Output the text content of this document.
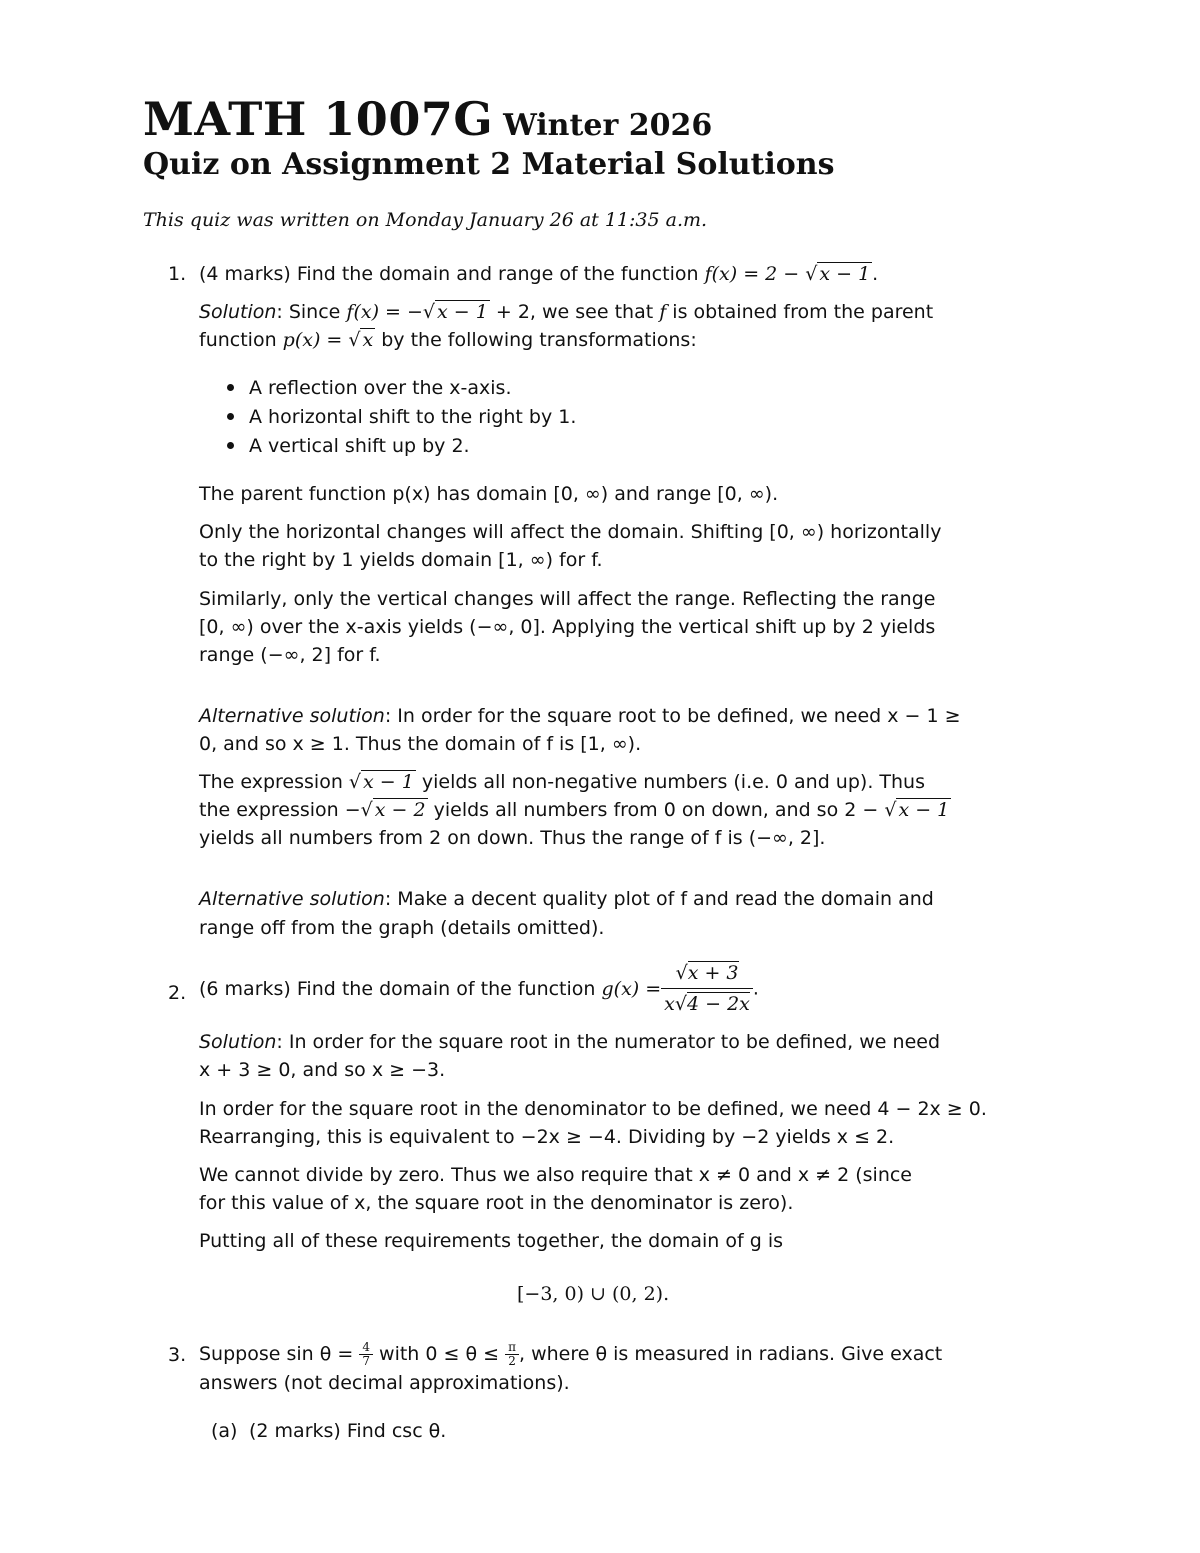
MATH 1007G Winter 2026
Quiz on Assignment 2 Material Solutions
This quiz was written on Monday January 26 at 11:35 a.m.
1. (4 marks) Find the domain and range of the function f(x) = 2 − √ x − 1 .
Solution: Since f(x) = −√ x − 1 + 2, we see that f is obtained from the parent
function p(x) = √ x by the following transformations:
A reflection over the x-axis.
A horizontal shift to the right by 1.
A vertical shift up by 2.
The parent function p(x) has domain [0, ∞) and range [0, ∞).
Only the horizontal changes will affect the domain. Shifting [0, ∞) horizontally
to the right by 1 yields domain [1, ∞) for f.
Similarly, only the vertical changes will affect the range. Reflecting the range
[0, ∞) over the x-axis yields (−∞, 0]. Applying the vertical shift up by 2 yields
range (−∞, 2] for f.
Alternative solution: In order for the square root to be defined, we need x − 1 ≥
0, and so x ≥ 1. Thus the domain of f is [1, ∞).
The expression √ x − 1 yields all non-negative numbers (i.e. 0 and up). Thus
the expression −√ x − 2 yields all numbers from 0 on down, and so 2 − √ x − 1
yields all numbers from 2 on down. Thus the range of f is (−∞, 2].
Alternative solution: Make a decent quality plot of f and read the domain and
range off from the graph (details omitted).
2. (6 marks) Find the domain of the function $g(x) = \frac{√x + 3}{x√4 - 2x}$ .
Solution: In order for the square root in the numerator to be defined, we need
x + 3 ≥ 0, and so x ≥ −3.
In order for the square root in the denominator to be defined, we need 4 − 2x ≥ 0.
Rearranging, this is equivalent to −2x ≥ −4. Dividing by −2 yields x ≤ 2.
We cannot divide by zero. Thus we also require that x ≠ 0 and x ≠ 2 (since
for this value of x, the square root in the denominator is zero).
Putting all of these requirements together, the domain of g is
[−3, 0) ∪ (0, 2).
3. Suppose $\sin \theta = \frac{4}{7}$ with $0 \le \theta \le \frac{\pi}{2}$ , where θ is measured in radians. Give exact
answers (not decimal approximations).
(a) (2 marks) Find csc θ.
